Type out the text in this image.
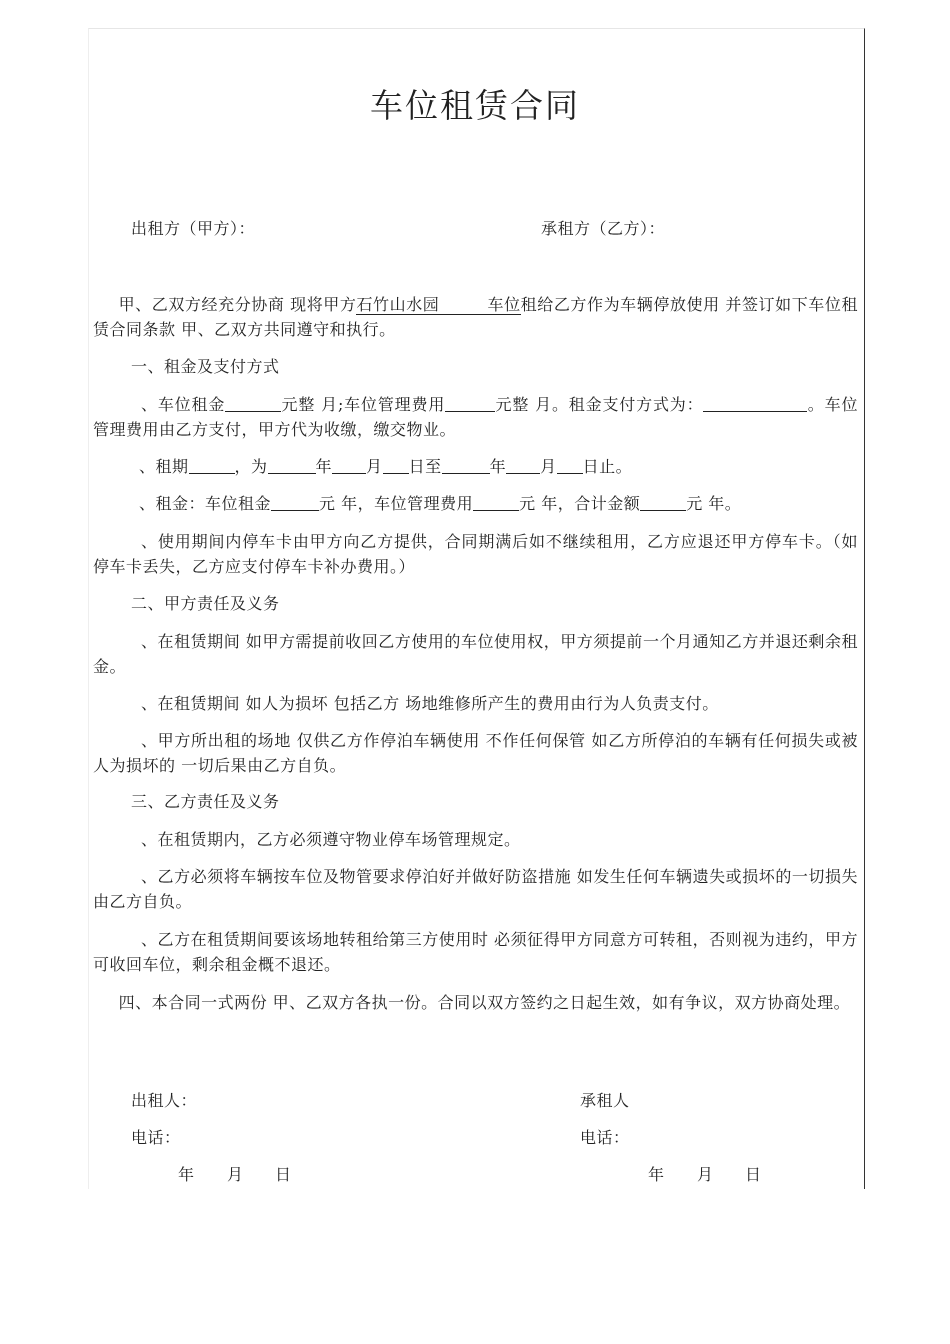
车位租赁合同
出租方（甲方）：	承租方（乙方）：
甲、乙双方经充分协商 现将甲方石竹山水园	车位租给乙方作为车辆停放使用 并签订如下车位租赁合同条款 甲、乙双方共同遵守和执行。
一、租金及支付方式
、车位租金	元整 月;车位管理费用	元整 月。租金支付方式为：	。车位管理费用由乙方支付，甲方代为收缴，缴交物业。
、租期	，为	年 月 日至	年 月 日止。
、租金：车位租金	元 年，车位管理费用	元 年，合计金额	元 年。
、使用期间内停车卡由甲方向乙方提供，合同期满后如不继续租用，乙方应退还甲方停车卡。（如停车卡丢失，乙方应支付停车卡补办费用。）
二、甲方责任及义务
、在租赁期间 如甲方需提前收回乙方使用的车位使用权，甲方须提前一个月通知乙方并退还剩余租金。
、在租赁期间 如人为损坏 包括乙方 场地维修所产生的费用由行为人负责支付。
、甲方所出租的场地 仅供乙方作停泊车辆使用 不作任何保管 如乙方所停泊的车辆有任何损失或被人为损坏的 一切后果由乙方自负。
三、乙方责任及义务
、在租赁期内，乙方必须遵守物业停车场管理规定。
、乙方必须将车辆按车位及物管要求停泊好并做好防盗措施 如发生任何车辆遗失或损坏的一切损失由乙方自负。
、乙方在租赁期间要该场地转租给第三方使用时 必须征得甲方同意方可转租，否则视为违约，甲方可收回车位，剩余租金概不退还。
四、本合同一式两份 甲、乙双方各执一份。合同以双方签约之日起生效，如有争议，双方协商处理。
出租人：	承租人
电话：	电话：
年 月 日	年 月 日
